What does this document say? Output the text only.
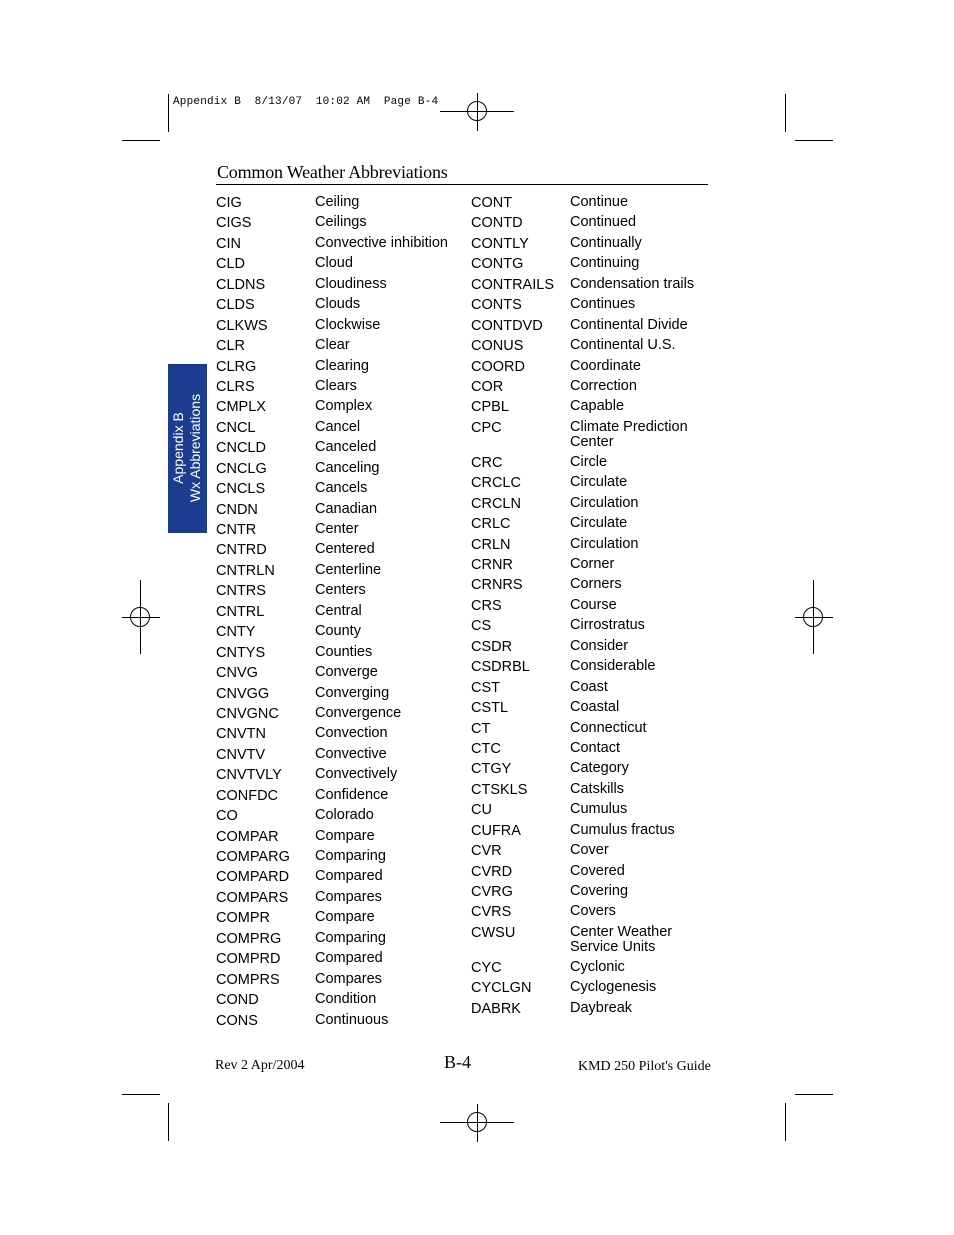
Appendix B  8/13/07  10:02 AM  Page B-4
Common Weather Abbreviations
Appendix B Wx Abbreviations
CIG	Ceiling
CIGS	Ceilings
CIN	Convective inhibition
CLD	Cloud
CLDNS	Cloudiness
CLDS	Clouds
CLKWS	Clockwise
CLR	Clear
CLRG	Clearing
CLRS	Clears
CMPLX	Complex
CNCL	Cancel
CNCLD	Canceled
CNCLG	Canceling
CNCLS	Cancels
CNDN	Canadian
CNTR	Center
CNTRD	Centered
CNTRLN	Centerline
CNTRS	Centers
CNTRL	Central
CNTY	County
CNTYS	Counties
CNVG	Converge
CNVGG	Converging
CNVGNC Convergence
CNVTN	Convection
CNVTV	Convective
CNVTVLY Convectively
CONFDC	Confidence
CO	Colorado
COMPAR	Compare
COMPARG Comparing
COMPARD Compared
COMPARS Compares
COMPR	Compare
COMPRG Comparing
COMPRD Compared
COMPRS Compares
COND	Condition
CONS	Continuous
CONT	Continue
CONTD	Continued
CONTLY	Continually
CONTG	Continuing
CONTRAILS Condensation trails
CONTS	Continues
CONTDVD Continental Divide
CONUS	Continental U.S.
COORD	Coordinate
COR	Correction
CPBL	Capable
CPC	Climate Prediction
Center
CRC	Circle
CRCLC	Circulate
CRCLN	Circulation
CRLC	Circulate
CRLN	Circulation
CRNR	Corner
CRNRS	Corners
CRS	Course
CS	Cirrostratus
CSDR	Consider
CSDRBL	Considerable
CST	Coast
CSTL	Coastal
CT	Connecticut
CTC	Contact
CTGY	Category
CTSKLS	Catskills
CU	Cumulus
CUFRA	Cumulus fractus
CVR	Cover
CVRD	Covered
CVRG	Covering
CVRS	Covers
CWSU	Center Weather
Service Units
CYC	Cyclonic
CYCLGN	Cyclogenesis
DABRK	Daybreak
Rev 2 Apr/2004	B-4	KMD 250 Pilot's Guide
